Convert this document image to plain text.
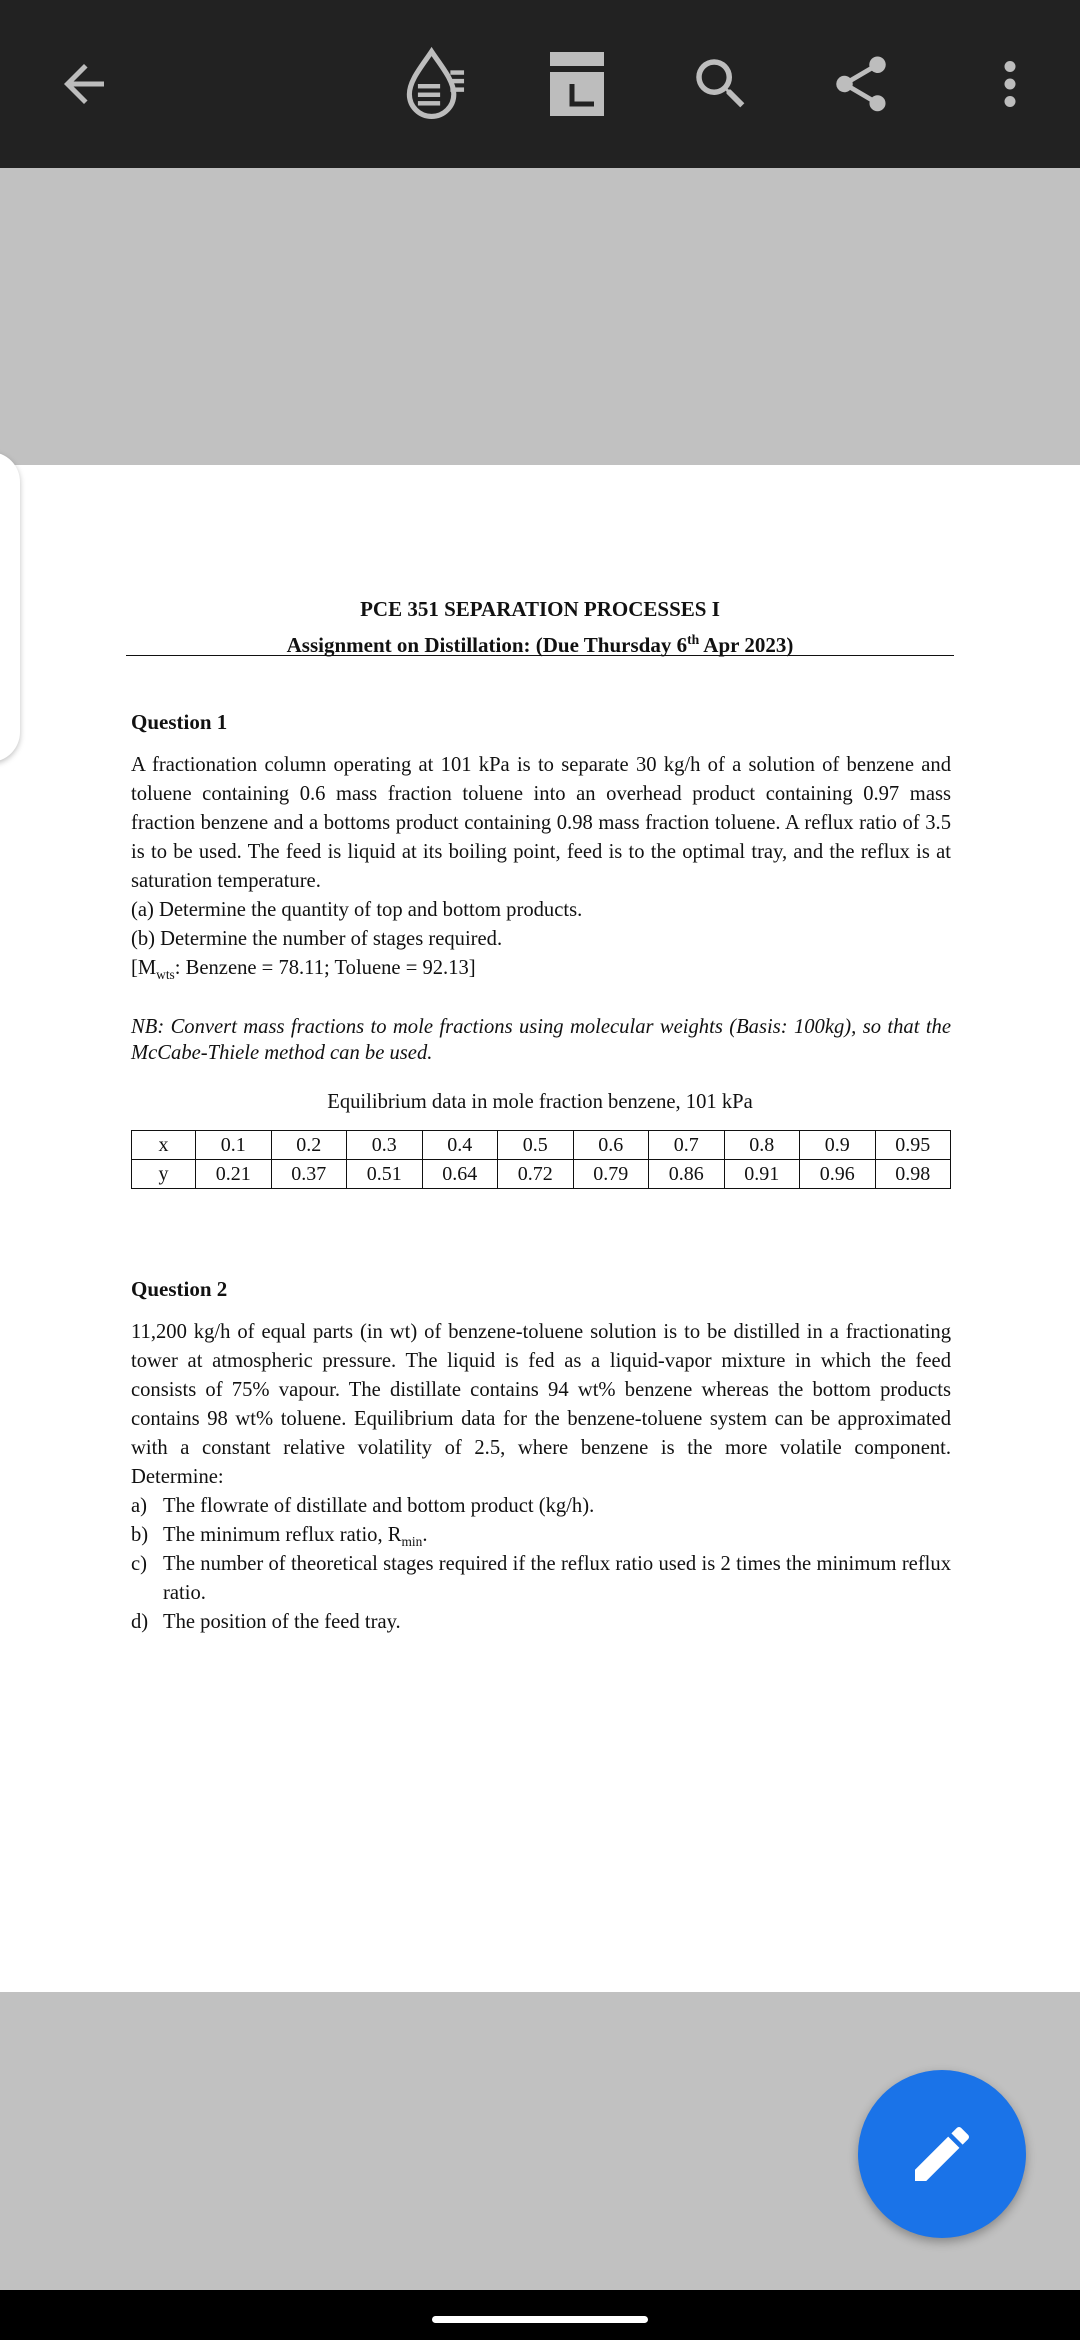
PCE 351 SEPARATION PROCESSES I
Assignment on Distillation: (Due Thursday 6th Apr 2023)
Question 1
A fractionation column operating at 101 kPa is to separate 30 kg/h of a solution of benzene and toluene containing 0.6 mass fraction toluene into an overhead product containing 0.97 mass fraction benzene and a bottoms product containing 0.98 mass fraction toluene. A reflux ratio of 3.5 is to be used. The feed is liquid at its boiling point, feed is to the optimal tray, and the reflux is at saturation temperature.
(a) Determine the quantity of top and bottom products.
(b) Determine the number of stages required.
[$M_{wts}$: Benzene = 78.11; Toluene = 92.13]
NB: Convert mass fractions to mole fractions using molecular weights (Basis: 100kg), so that the McCabe-Thiele method can be used.
Equilibrium data in mole fraction benzene, 101 kPa
x	0.1	0.2	0.3	0.4	0.5	0.6	0.7	0.8	0.9	0.95
y	0.21	0.37	0.51	0.64	0.72	0.79	0.86	0.91	0.96	0.98
Question 2
11,200 kg/h of equal parts (in wt) of benzene-toluene solution is to be distilled in a fractionating tower at atmospheric pressure. The liquid is fed as a liquid-vapor mixture in which the feed consists of 75% vapour. The distillate contains 94 wt% benzene whereas the bottom products contains 98 wt% toluene. Equilibrium data for the benzene-toluene system can be approximated with a constant relative volatility of 2.5, where benzene is the more volatile component. Determine:
a) The flowrate of distillate and bottom product (kg/h).
b) The minimum reflux ratio, $R_{min}$.
c) The number of theoretical stages required if the reflux ratio used is 2 times the minimum reflux ratio.
d) The position of the feed tray.
